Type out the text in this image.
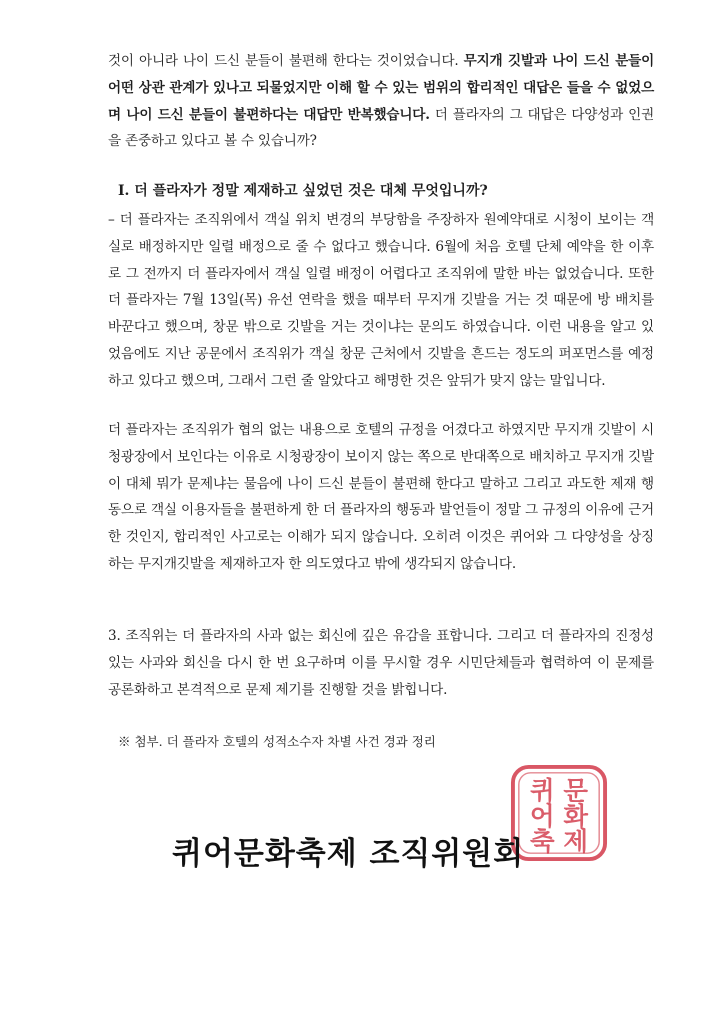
것이 아니라 나이 드신 분들이 불편해 한다는 것이었습니다. 무지개 깃발과 나이 드신 분들이 어떤 상관 관계가 있나고 되물었지만 이해 할 수 있는 범위의 합리적인 대답은 들을 수 없었으며 나이 드신 분들이 불편하다는 대답만 반복했습니다. 더 플라자의 그 대답은 다양성과 인권을 존중하고 있다고 볼 수 있습니까?

I. 더 플라자가 정말 제재하고 싶었던 것은 대체 무엇입니까?

– 더 플라자는 조직위에서 객실 위치 변경의 부당함을 주장하자 원예약대로 시청이 보이는 객실로 배정하지만 일렬 배정으로 줄 수 없다고 했습니다. 6월에 처음 호텔 단체 예약을 한 이후로 그 전까지 더 플라자에서 객실 일렬 배정이 어렵다고 조직위에 말한 바는 없었습니다. 또한 더 플라자는 7월 13일(목) 유선 연락을 했을 때부터 무지개 깃발을 거는 것 때문에 방 배치를 바꾼다고 했으며, 창문 밖으로 깃발을 거는 것이냐는 문의도 하였습니다. 이런 내용을 알고 있었음에도 지난 공문에서 조직위가 객실 창문 근처에서 깃발을 흔드는 정도의 퍼포먼스를 예정하고 있다고 했으며, 그래서 그런 줄 알았다고 해명한 것은 앞뒤가 맞지 않는 말입니다.

더 플라자는 조직위가 협의 없는 내용으로 호텔의 규정을 어겼다고 하였지만 무지개 깃발이 시청광장에서 보인다는 이유로 시청광장이 보이지 않는 쪽으로 반대쪽으로 배치하고 무지개 깃발이 대체 뭐가 문제냐는 물음에 나이 드신 분들이 불편해 한다고 말하고 그리고 과도한 제재 행동으로 객실 이용자들을 불편하게 한 더 플라자의 행동과 발언들이 정말 그 규정의 이유에 근거한 것인지, 합리적인 사고로는 이해가 되지 않습니다. 오히려 이것은 퀴어와 그 다양성을 상징하는 무지개깃발을 제재하고자 한 의도였다고 밖에 생각되지 않습니다.

3. 조직위는 더 플라자의 사과 없는 회신에 깊은 유감을 표합니다. 그리고 더 플라자의 진정성 있는 사과와 회신을 다시 한 번 요구하며 이를 무시할 경우 시민단체들과 협력하여 이 문제를 공론화하고 본격적으로 문제 제기를 진행할 것을 밝힙니다.

※ 첨부. 더 플라자 호텔의 성적소수자 차별 사건 경과 정리

퀴 문
어 화
축 제

퀴어문화축제 조직위원회
